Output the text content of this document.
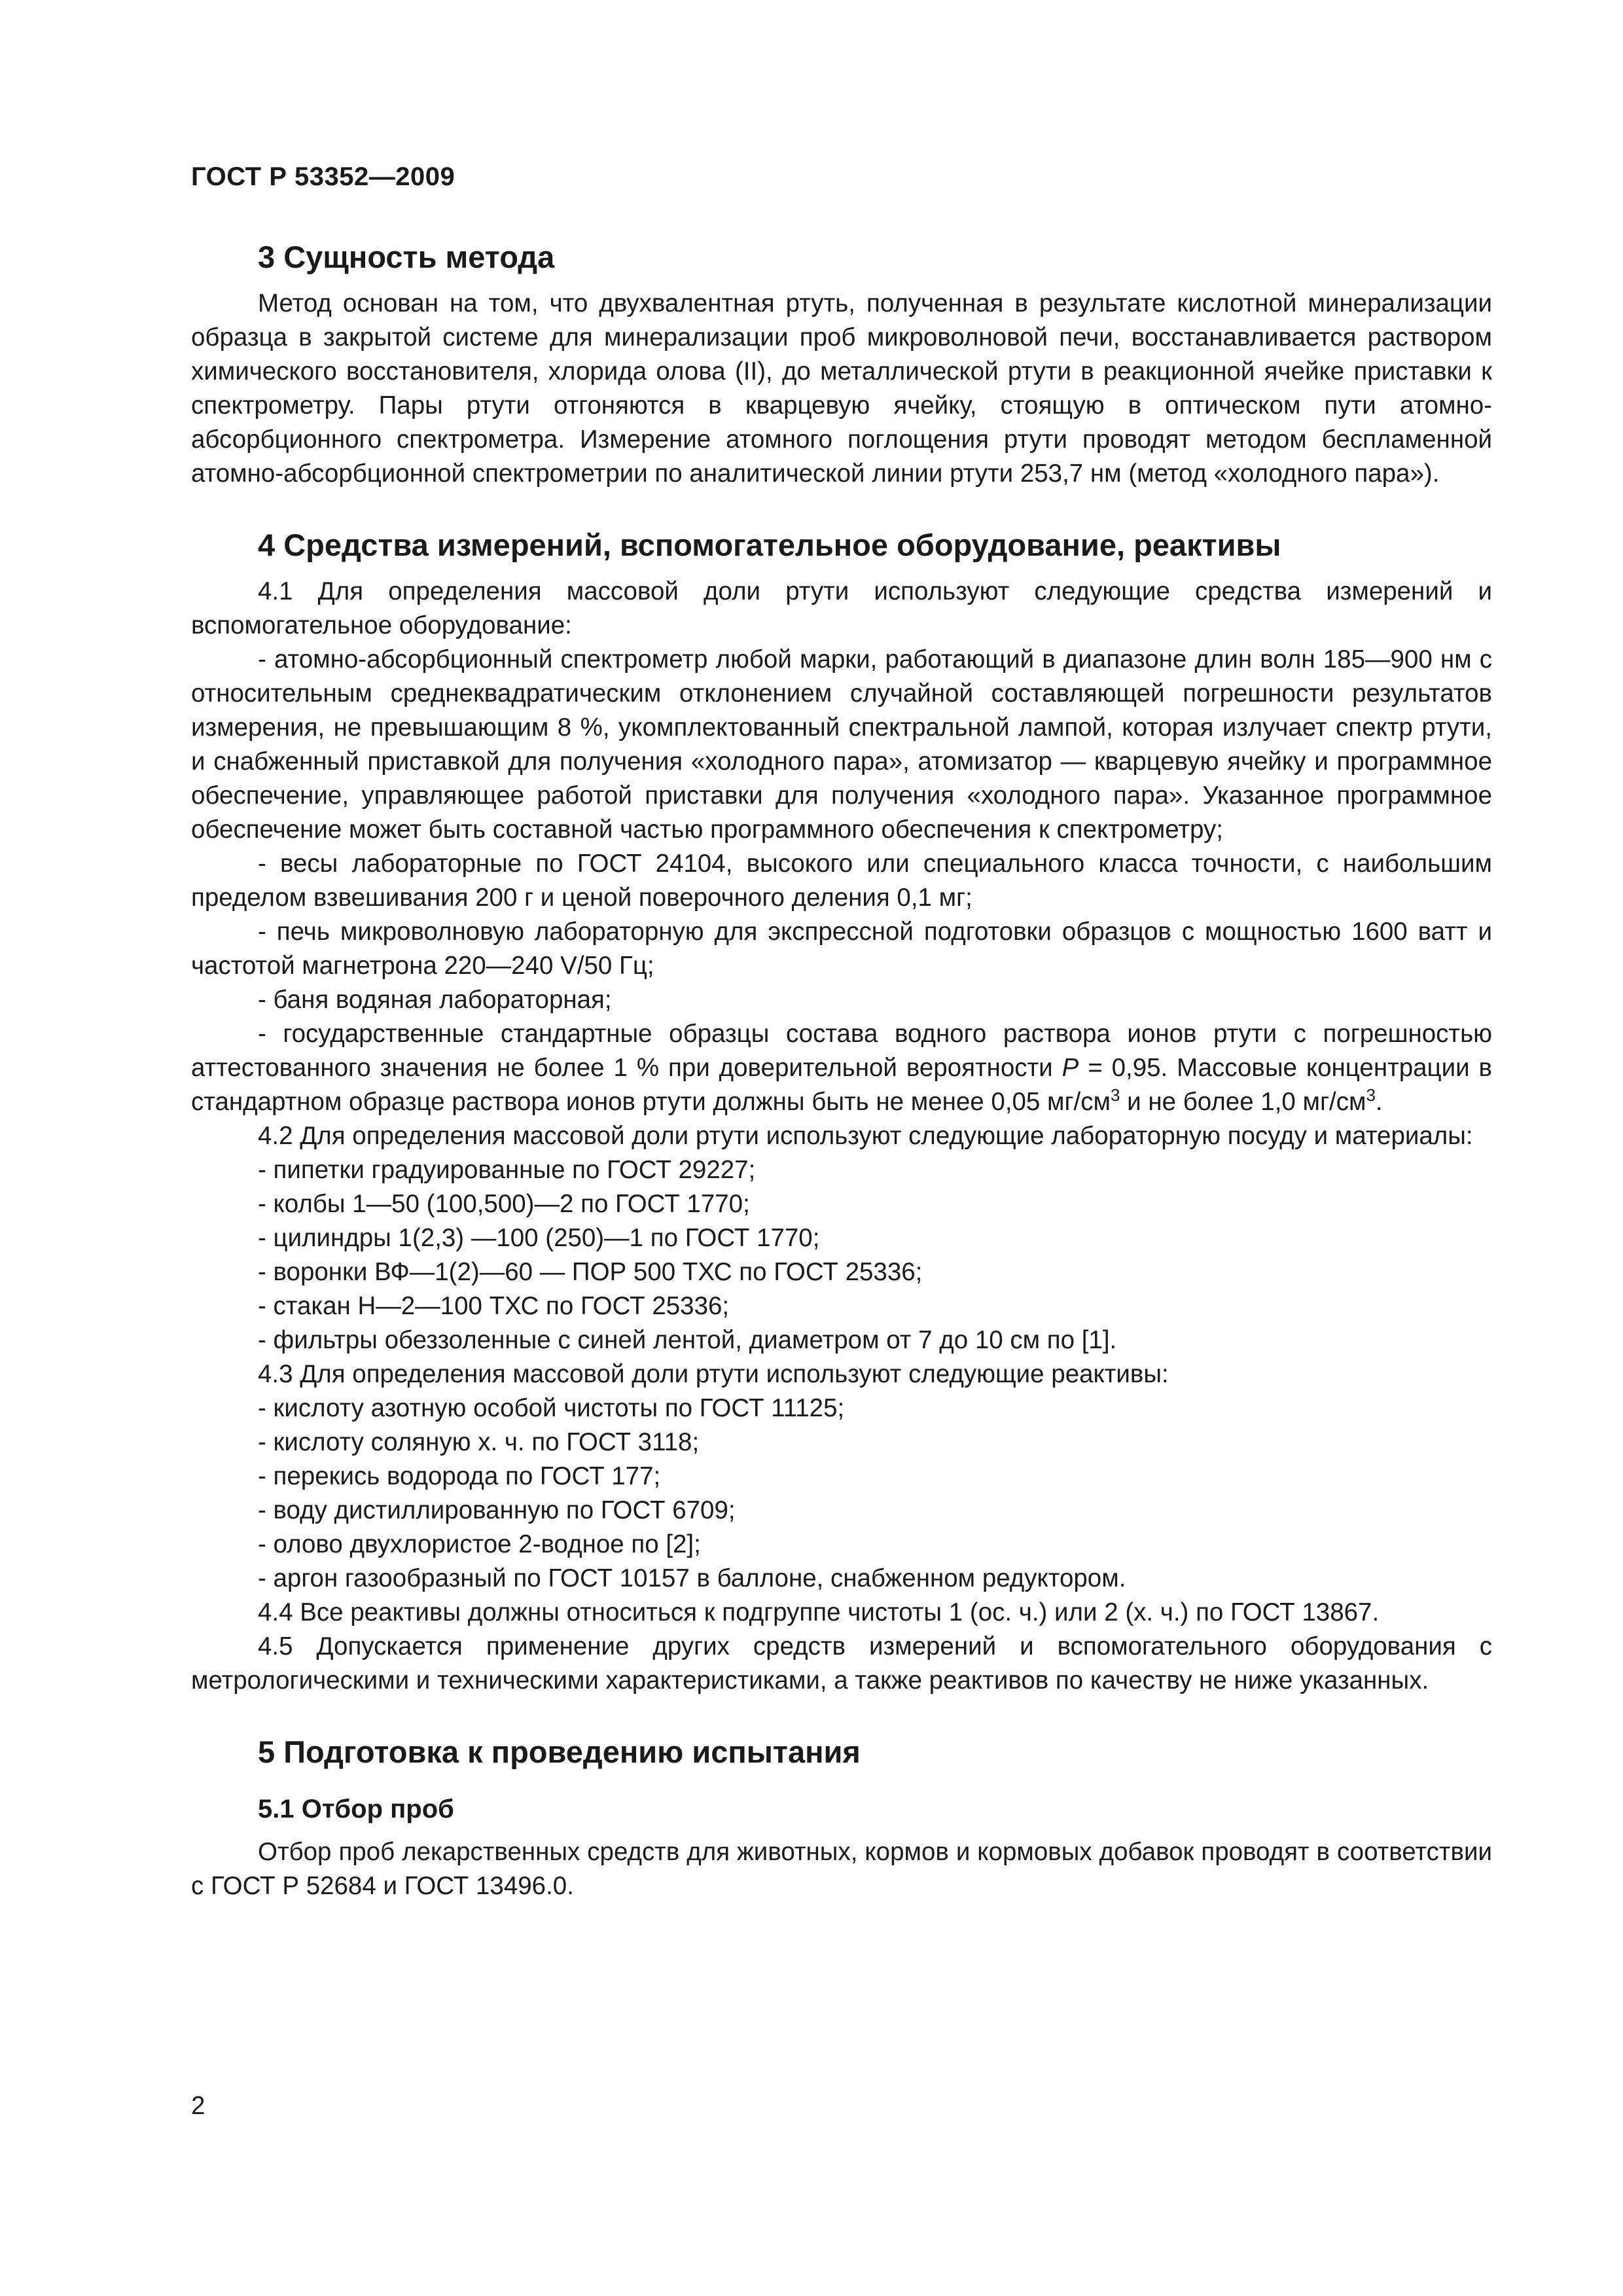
ГОСТ Р 53352—2009
3 Сущность метода

Метод основан на том, что двухвалентная ртуть, полученная в результате кислотной минерализации образца в закрытой системе для минерализации проб микроволновой печи, восстанавливается раствором химического восстановителя, хлорида олова (II), до металлической ртути в реакционной ячейке приставки к спектрометру. Пары ртути отгоняются в кварцевую ячейку, стоящую в оптическом пути атомно-абсорбционного спектрометра. Измерение атомного поглощения ртути проводят методом беспламенной атомно-абсорбционной спектрометрии по аналитической линии ртути 253,7 нм (метод «холодного пара»).

4 Средства измерений, вспомогательное оборудование, реактивы

4.1 Для определения массовой доли ртути используют следующие средства измерений и вспомогательное оборудование:

- атомно-абсорбционный спектрометр любой марки, работающий в диапазоне длин волн 185—900 нм с относительным среднеквадратическим отклонением случайной составляющей погрешности результатов измерения, не превышающим 8 %, укомплектованный спектральной лампой, которая излучает спектр ртути, и снабженный приставкой для получения «холодного пара», атомизатор — кварцевую ячейку и программное обеспечение, управляющее работой приставки для получения «холодного пара». Указанное программное обеспечение может быть составной частью программного обеспечения к спектрометру;

- весы лабораторные по ГОСТ 24104, высокого или специального класса точности, с наибольшим пределом взвешивания 200 г и ценой поверочного деления 0,1 мг;

- печь микроволновую лабораторную для экспрессной подготовки образцов с мощностью 1600 ватт и частотой магнетрона 220—240 V/50 Гц;

- баня водяная лабораторная;

- государственные стандартные образцы состава водного раствора ионов ртути с погрешностью аттестованного значения не более 1 % при доверительной вероятности P = 0,95. Массовые концентрации в стандартном образце раствора ионов ртути должны быть не менее 0,05 $мг/см^3$ и не более 1,0 $мг/см^3$.

4.2 Для определения массовой доли ртути используют следующие лабораторную посуду и материалы:

- пипетки градуированные по ГОСТ 29227;

- колбы 1—50 (100,500)—2 по ГОСТ 1770;

- цилиндры 1(2,3) —100 (250)—1 по ГОСТ 1770;

- воронки ВФ—1(2)—60 — ПОР 500 ТХС по ГОСТ 25336;

- стакан Н—2—100 ТХС по ГОСТ 25336;

- фильтры обеззоленные с синей лентой, диаметром от 7 до 10 см по [1].

4.3 Для определения массовой доли ртути используют следующие реактивы:

- кислоту азотную особой чистоты по ГОСТ 11125;

- кислоту соляную х. ч. по ГОСТ 3118;

- перекись водорода по ГОСТ 177;

- воду дистиллированную по ГОСТ 6709;

- олово двухлористое 2-водное по [2];

- аргон газообразный по ГОСТ 10157 в баллоне, снабженном редуктором.

4.4 Все реактивы должны относиться к подгруппе чистоты 1 (ос. ч.) или 2 (х. ч.) по ГОСТ 13867.

4.5 Допускается применение других средств измерений и вспомогательного оборудования с метрологическими и техническими характеристиками, а также реактивов по качеству не ниже указанных.

5 Подготовка к проведению испытания
5.1 Отбор проб

Отбор проб лекарственных средств для животных, кормов и кормовых добавок проводят в соответствии с ГОСТ Р 52684 и ГОСТ 13496.0.

2
